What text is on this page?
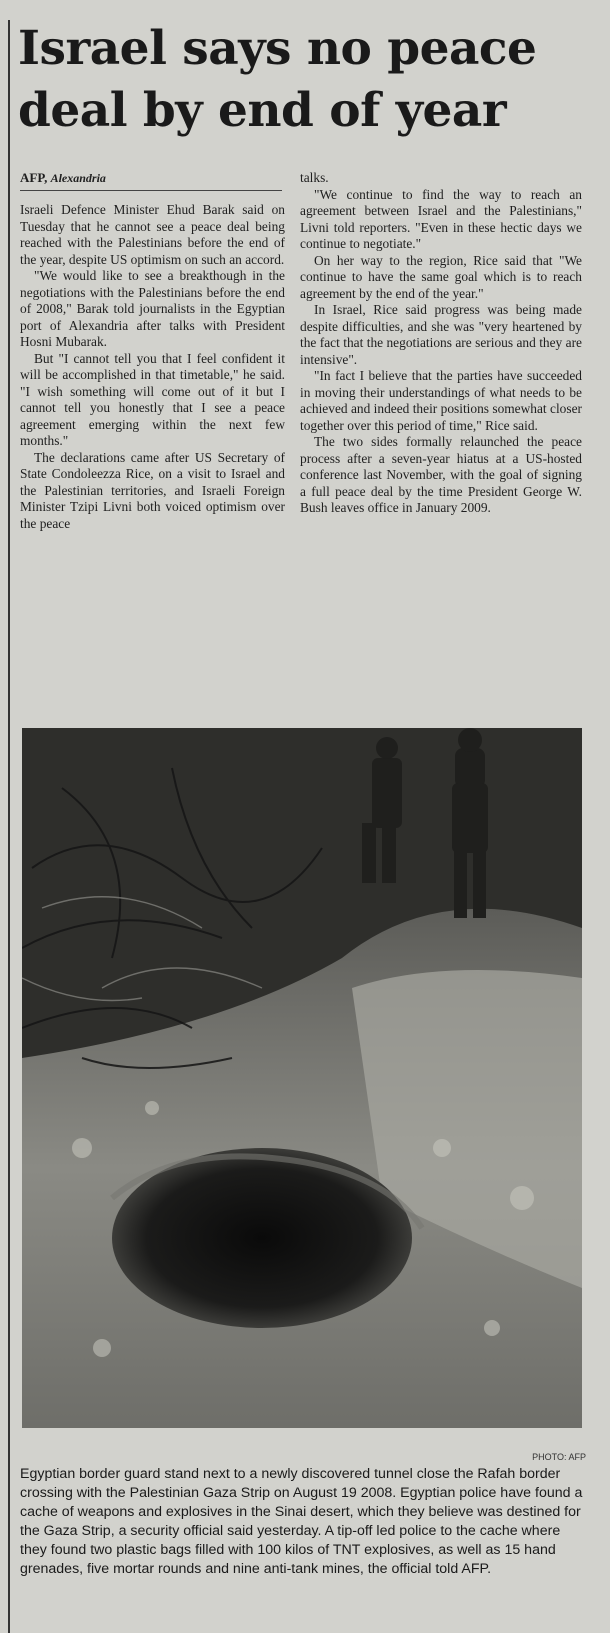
Israel says no peace deal by end of year
AFP, Alexandria

Israeli Defence Minister Ehud Barak said on Tuesday that he cannot see a peace deal being reached with the Palestinians before the end of the year, despite US optimism on such an accord.

"We would like to see a breakthough in the negotiations with the Palestinians before the end of 2008," Barak told journalists in the Egyptian port of Alexandria after talks with President Hosni Mubarak.

But "I cannot tell you that I feel confident it will be accomplished in that timetable," he said. "I wish something will come out of it but I cannot tell you honestly that I see a peace agreement emerging within the next few months."

The declarations came after US Secretary of State Condoleezza Rice, on a visit to Israel and the Palestinian territories, and Israeli Foreign Minister Tzipi Livni both voiced optimism over the peace

talks.

"We continue to find the way to reach an agreement between Israel and the Palestinians," Livni told reporters. "Even in these hectic days we continue to negotiate."

On her way to the region, Rice said that "We continue to have the same goal which is to reach agreement by the end of the year."

In Israel, Rice said progress was being made despite difficulties, and she was "very heartened by the fact that the negotiations are serious and they are intensive".

"In fact I believe that the parties have succeeded in moving their understandings of what needs to be achieved and indeed their positions somewhat closer together over this period of time," Rice said.

The two sides formally relaunched the peace process after a seven-year hiatus at a US-hosted conference last November, with the goal of signing a full peace deal by the time President George W. Bush leaves office in January 2009.

PHOTO: AFP

Egyptian border guard stand next to a newly discovered tunnel close the Rafah border crossing with the Palestinian Gaza Strip on August 19 2008. Egyptian police have found a cache of weapons and explosives in the Sinai desert, which they believe was destined for the Gaza Strip, a security official said yesterday. A tip-off led police to the cache where they found two plastic bags filled with 100 kilos of TNT explosives, as well as 15 hand grenades, five mortar rounds and nine anti-tank mines, the official told AFP.
